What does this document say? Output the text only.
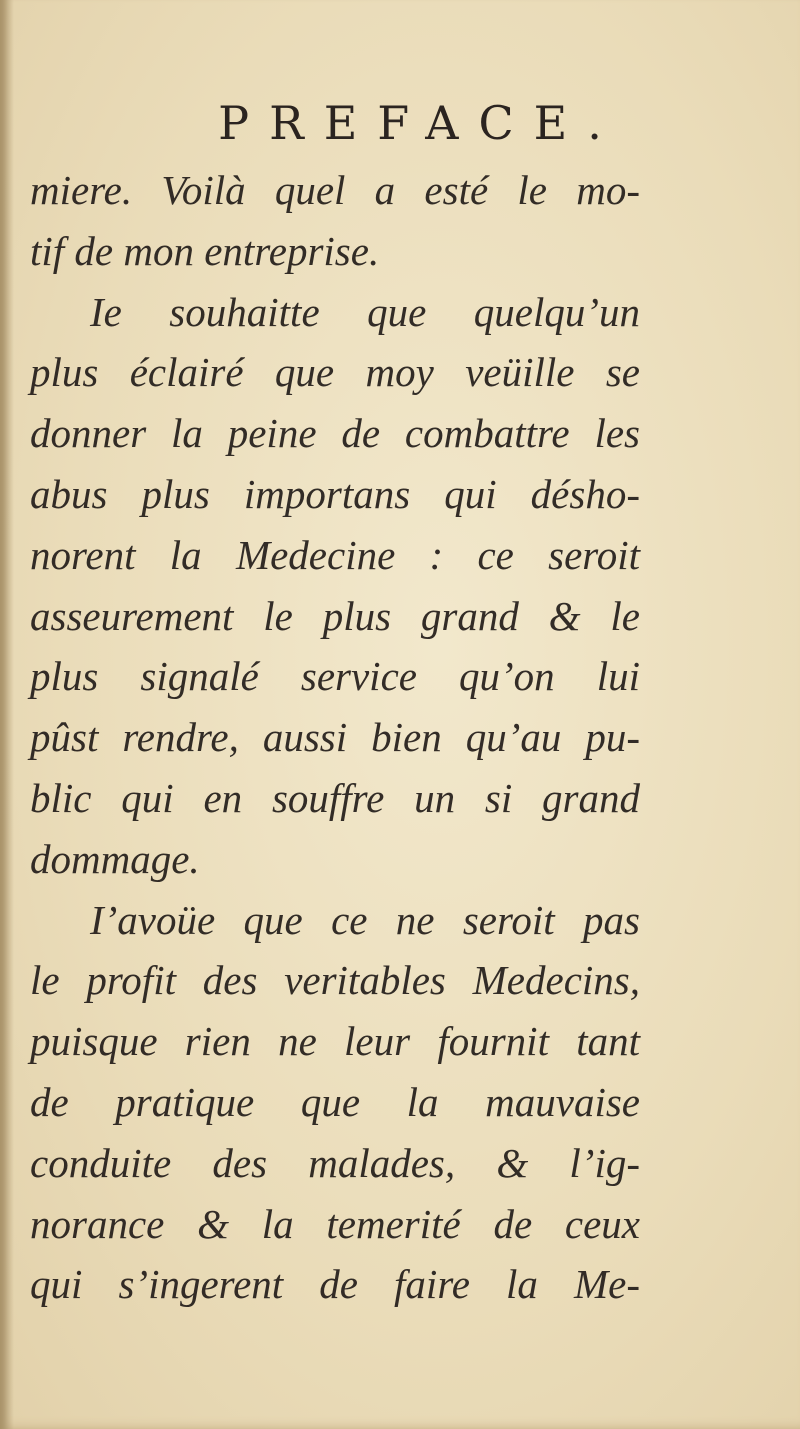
PREFACE.
miere. Voilà quel a esté le mo-
tif de mon entreprise.
Ie souhaitte que quelqu’un
plus éclairé que moy veüille se
donner la peine de combattre les
abus plus importans qui désho-
norent la Medecine : ce seroit
asseurement le plus grand & le
plus signalé service qu’on lui
pûst rendre, aussi bien qu’au pu-
blic qui en souffre un si grand
dommage.
I’avoüe que ce ne seroit pas
le profit des veritables Medecins,
puisque rien ne leur fournit tant
de pratique que la mauvaise
conduite des malades, & l’ig-
norance & la temerité de ceux
qui s’ingerent de faire la Me-
